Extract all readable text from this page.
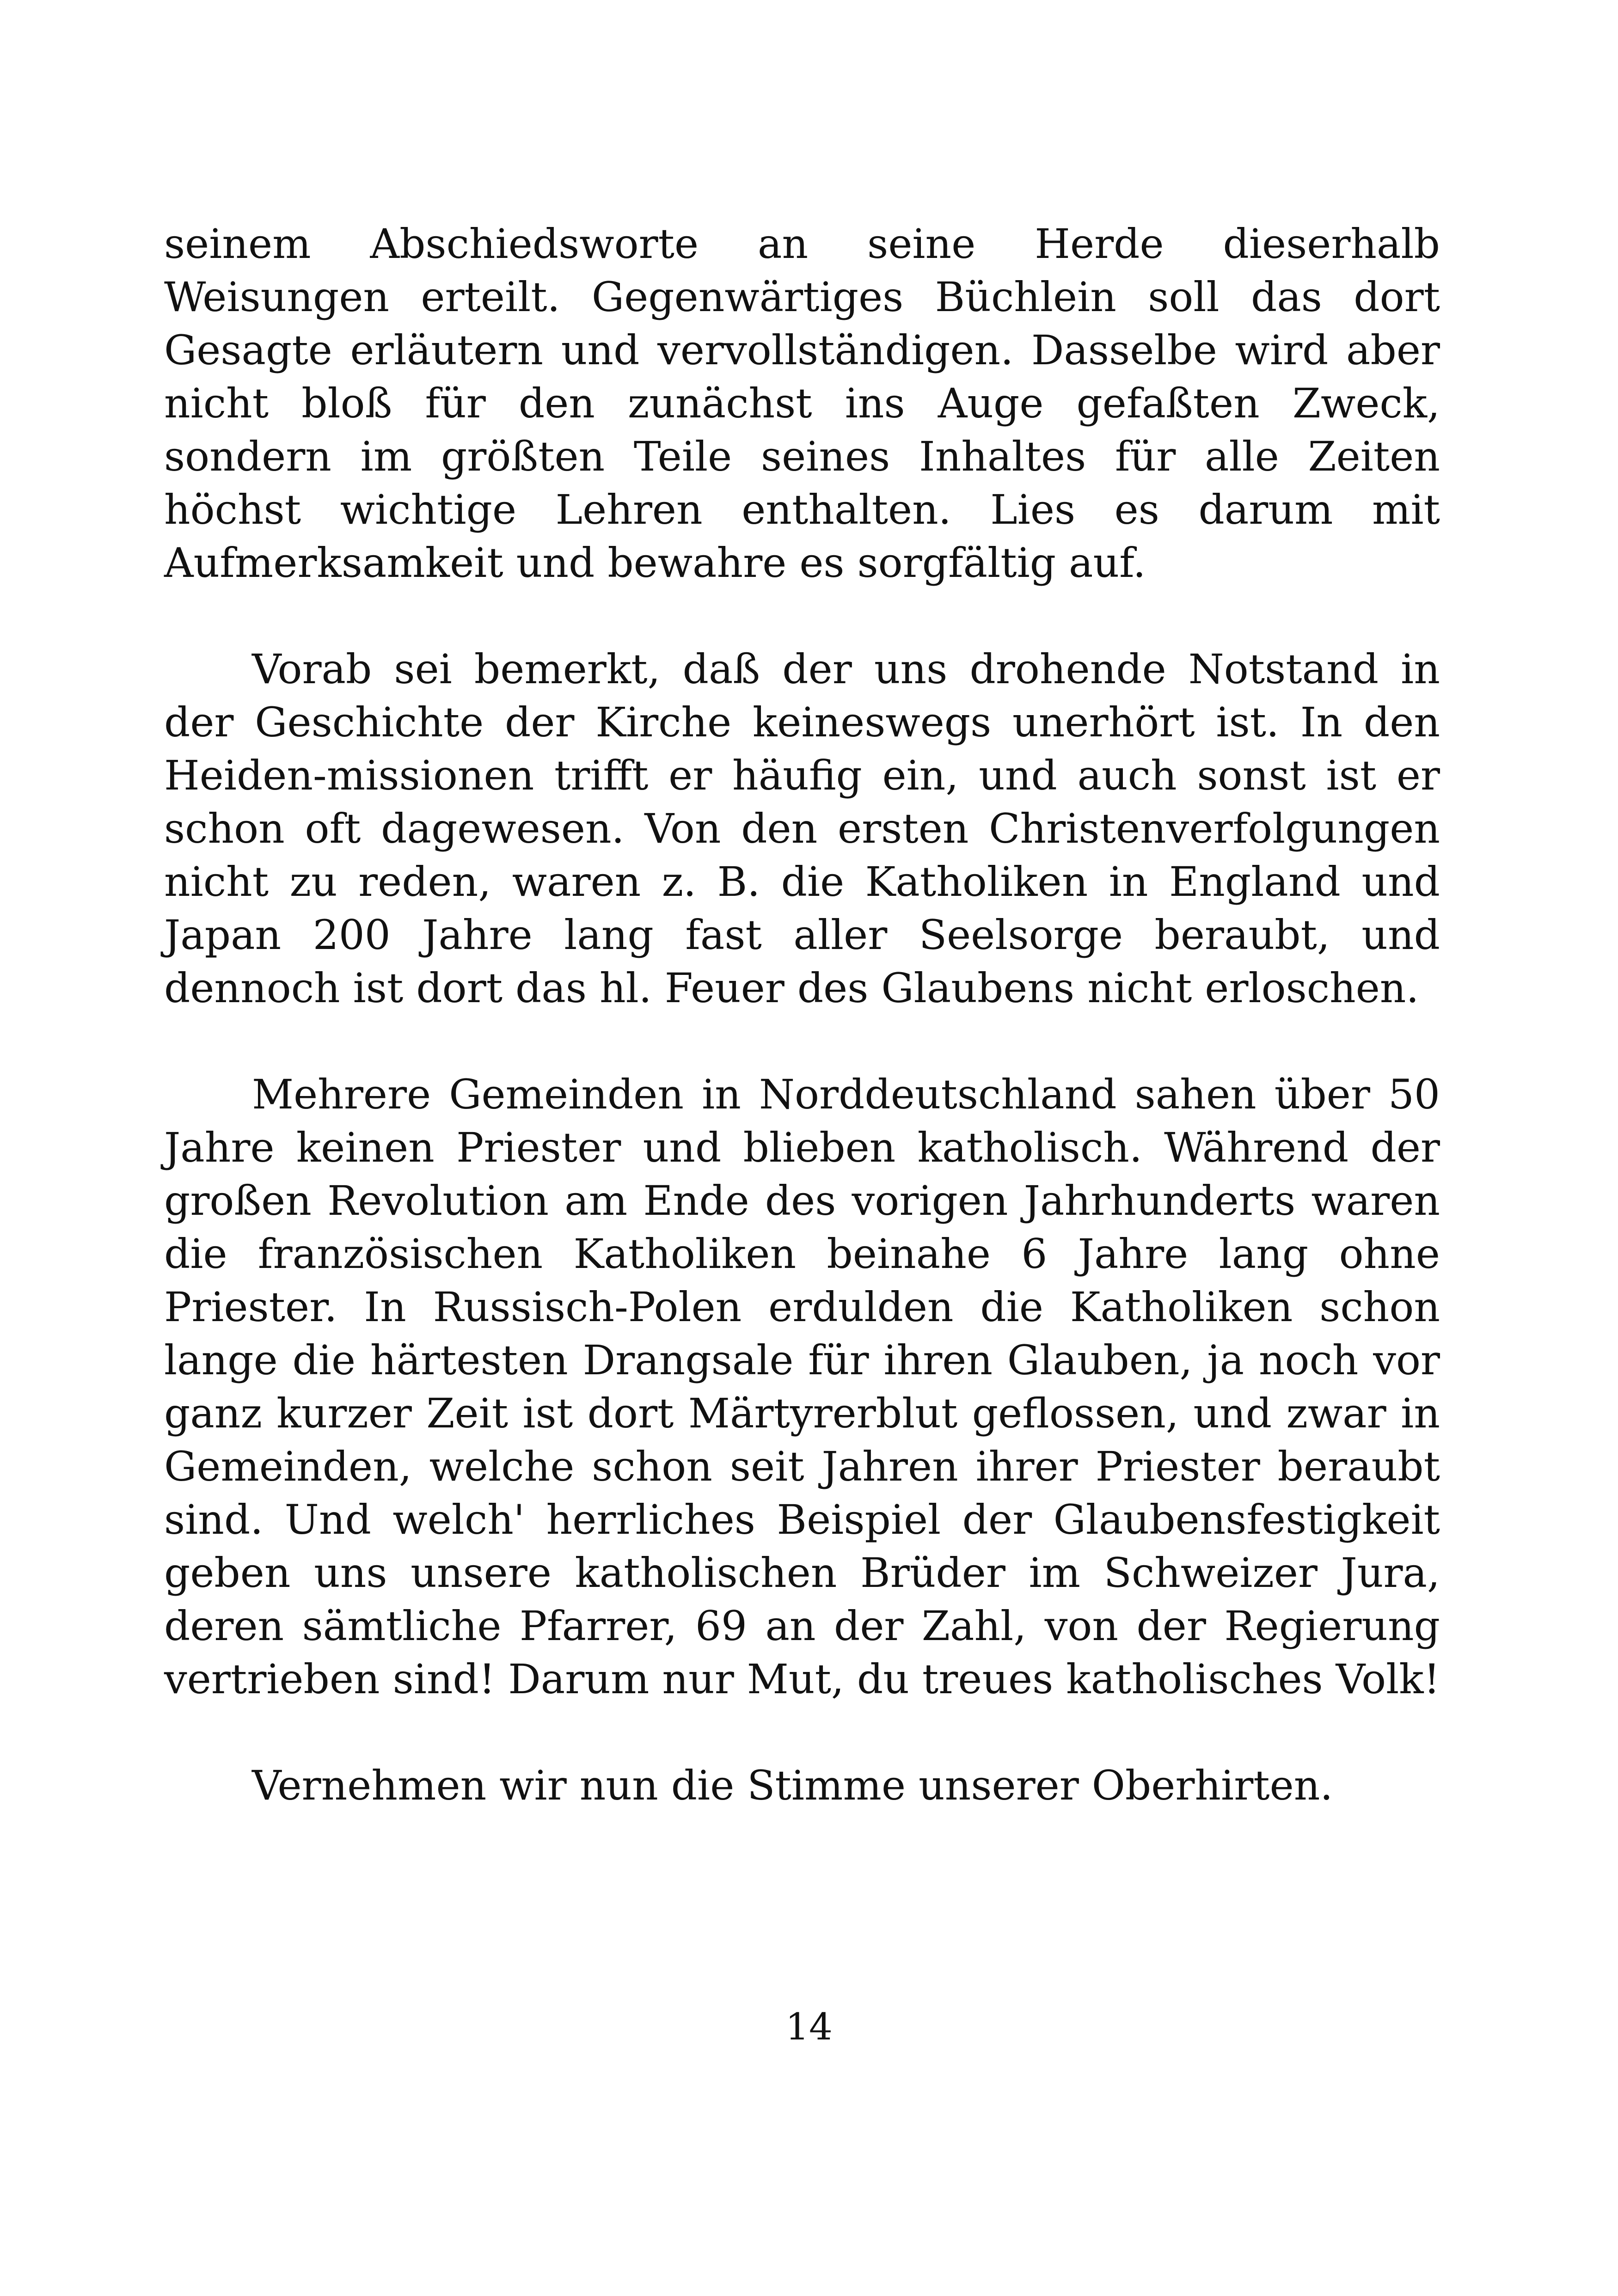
seinem Abschiedsworte an seine Herde dieserhalb Weisungen erteilt. Gegenwärtiges Büchlein soll das dort Gesagte erläutern und vervollständigen. Dasselbe wird aber nicht bloß für den zunächst ins Auge gefaßten Zweck, sondern im größten Teile seines Inhaltes für alle Zeiten höchst wichtige Lehren enthalten. Lies es darum mit Aufmerksamkeit und bewahre es sorgfältig auf.

Vorab sei bemerkt, daß der uns drohende Notstand in der Geschichte der Kirche keineswegs unerhört ist. In den Heiden-missionen trifft er häufig ein, und auch sonst ist er schon oft dagewesen. Von den ersten Christenverfolgungen nicht zu reden, waren z. B. die Katholiken in England und Japan 200 Jahre lang fast aller Seelsorge beraubt, und dennoch ist dort das hl. Feuer des Glaubens nicht erloschen.

Mehrere Gemeinden in Norddeutschland sahen über 50 Jahre keinen Priester und blieben katholisch. Während der großen Revolution am Ende des vorigen Jahrhunderts waren die französischen Katholiken beinahe 6 Jahre lang ohne Priester. In Russisch-Polen erdulden die Katholiken schon lange die härtesten Drangsale für ihren Glauben, ja noch vor ganz kurzer Zeit ist dort Märtyrerblut geflossen, und zwar in Gemeinden, welche schon seit Jahren ihrer Priester beraubt sind. Und welch' herrliches Beispiel der Glaubensfestigkeit geben uns unsere katholischen Brüder im Schweizer Jura, deren sämtliche Pfarrer, 69 an der Zahl, von der Regierung vertrieben sind! Darum nur Mut, du treues katholisches Volk!

Vernehmen wir nun die Stimme unserer Oberhirten.

14
